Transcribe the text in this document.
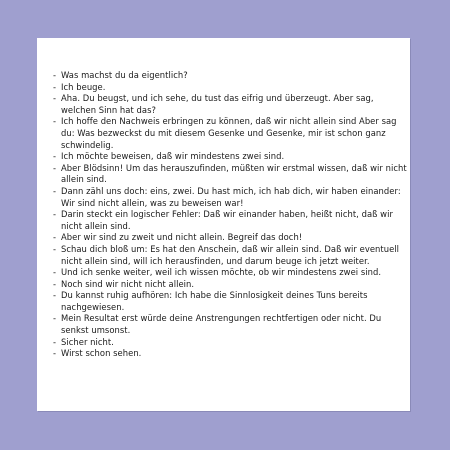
- Was machst du da eigentlich?
- Ich beuge.
- Aha. Du beugst, und ich sehe, du tust das eifrig und überzeugt. Aber sag, welchen Sinn hat das?
- Ich hoffe den Nachweis erbringen zu können, daß wir nicht allein sind Aber sag du: Was bezweckst du mit diesem Gesenke und Gesenke, mir ist schon ganz schwindelig.
- Ich möchte beweisen, daß wir mindestens zwei sind.
- Aber Blödsinn! Um das herauszufinden, müßten wir erstmal wissen, daß wir nicht allein sind.
- Dann zähl uns doch: eins, zwei. Du hast mich, ich hab dich, wir haben einander: Wir sind nicht allein, was zu beweisen war!
- Darin steckt ein logischer Fehler: Daß wir einander haben, heißt nicht, daß wir nicht allein sind.
- Aber wir sind zu zweit und nicht allein. Begreif das doch!
- Schau dich bloß um: Es hat den Anschein, daß wir allein sind. Daß wir eventuell nicht allein sind, will ich herausfinden, und darum beuge ich jetzt weiter.
- Und ich senke weiter, weil ich wissen möchte, ob wir mindestens zwei sind.
- Noch sind wir nicht nicht allein.
- Du kannst ruhig aufhören: Ich habe die Sinnlosigkeit deines Tuns bereits nachgewiesen.
- Mein Resultat erst würde deine Anstrengungen rechtfertigen oder nicht. Du senkst umsonst.
- Sicher nicht.
- Wirst schon sehen.
